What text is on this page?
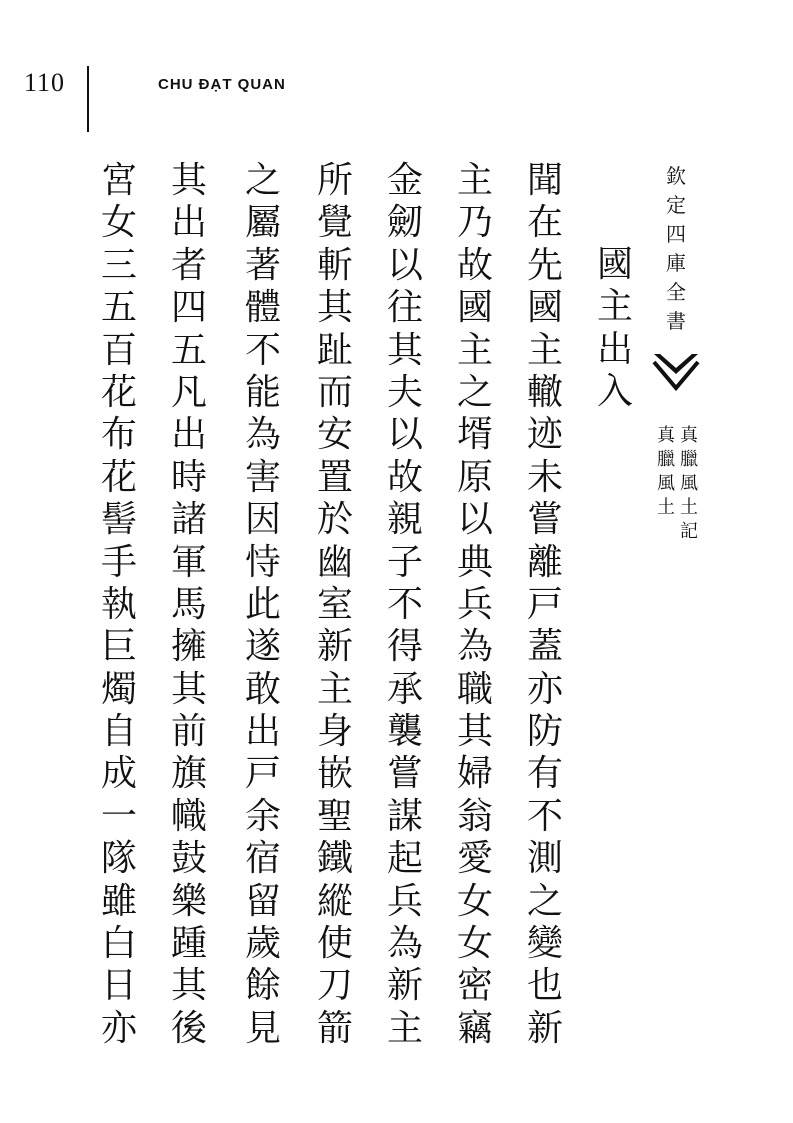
110	CHU ĐẠT QUAN
欽
定
四
庫
全
書
真
臘
風
土
記
真
臘
風
土
國
主
出
入
聞
在
先
國
主
轍
迹
未
嘗
離
戸
蓋
亦
防
有
不
測
之
變
也
新
主
乃
故
國
主
之
壻
原
以
典
兵
為
職
其
婦
翁
愛
女
女
密
竊
金
劒
以
往
其
夫
以
故
親
子
不
得
承
襲
嘗
謀
起
兵
為
新
主
所
覺
斬
其
趾
而
安
置
於
幽
室
新
主
身
嵌
聖
鐵
縱
使
刀
箭
之
屬
著
體
不
能
為
害
因
恃
此
遂
敢
出
戸
余
宿
留
歲
餘
見
其
出
者
四
五
凡
出
時
諸
軍
馬
擁
其
前
旗
幟
鼓
樂
踵
其
後
宮
女
三
五
百
花
布
花
髻
手
執
巨
燭
自
成
一
隊
雖
白
日
亦
